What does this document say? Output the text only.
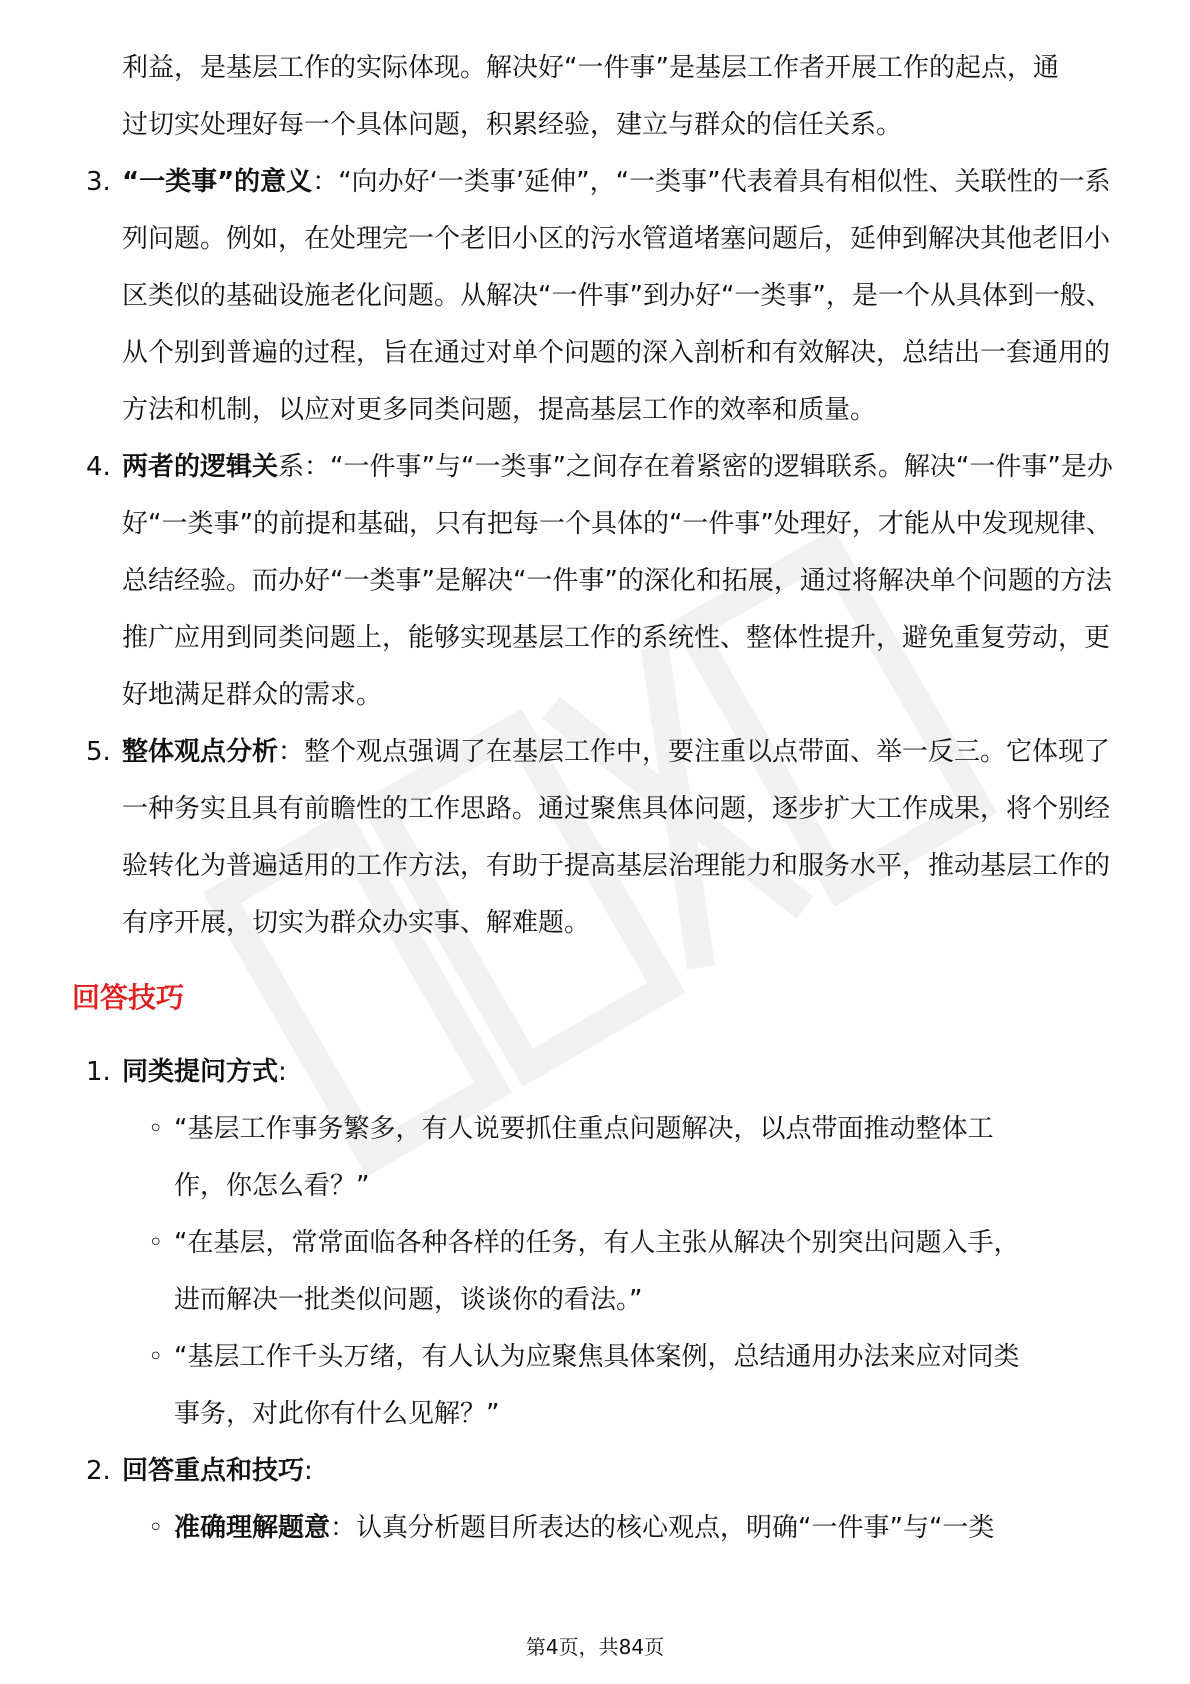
利益，是基层工作的实际体现。解决好“一件事”是基层工作者开展工作的起点，通过切实处理好每一个具体问题，积累经验，建立与群众的信任关系。
3. “一类事”的意义：“向办好‘一类事’延伸”，“一类事”代表着具有相似性、关联性的一系列问题。例如，在处理完一个老旧小区的污水管道堵塞问题后，延伸到解决其他老旧小区类似的基础设施老化问题。从解决“一件事”到办好“一类事”，是一个从具体到一般、从个别到普遍的过程，旨在通过对单个问题的深入剖析和有效解决，总结出一套通用的方法和机制，以应对更多同类问题，提高基层工作的效率和质量。
4. 两者的逻辑关系：“一件事”与“一类事”之间存在着紧密的逻辑联系。解决“一件事”是办好“一类事”的前提和基础，只有把每一个具体的“一件事”处理好，才能从中发现规律、总结经验。而办好“一类事”是解决“一件事”的深化和拓展，通过将解决单个问题的方法推广应用到同类问题上，能够实现基层工作的系统性、整体性提升，避免重复劳动，更好地满足群众的需求。
5. 整体观点分析：整个观点强调了在基层工作中，要注重以点带面、举一反三。它体现了一种务实且具有前瞻性的工作思路。通过聚焦具体问题，逐步扩大工作成果，将个别经验转化为普遍适用的工作方法，有助于提高基层治理能力和服务水平，推动基层工作的有序开展，切实为群众办实事、解难题。
回答技巧
1. 同类提问方式:
◦ “基层工作事务繁多，有人说要抓住重点问题解决，以点带面推动整体工
作，你怎么看？”
◦ “在基层，常常面临各种各样的任务，有人主张从解决个别突出问题入手，
进而解决一批类似问题，谈谈你的看法。”
◦ “基层工作千头万绪，有人认为应聚焦具体案例，总结通用办法来应对同类
事务，对此你有什么见解？”
2. 回答重点和技巧:
◦ 准确理解题意：认真分析题目所表达的核心观点，明确“一件事”与“一类
第4页，共84页
